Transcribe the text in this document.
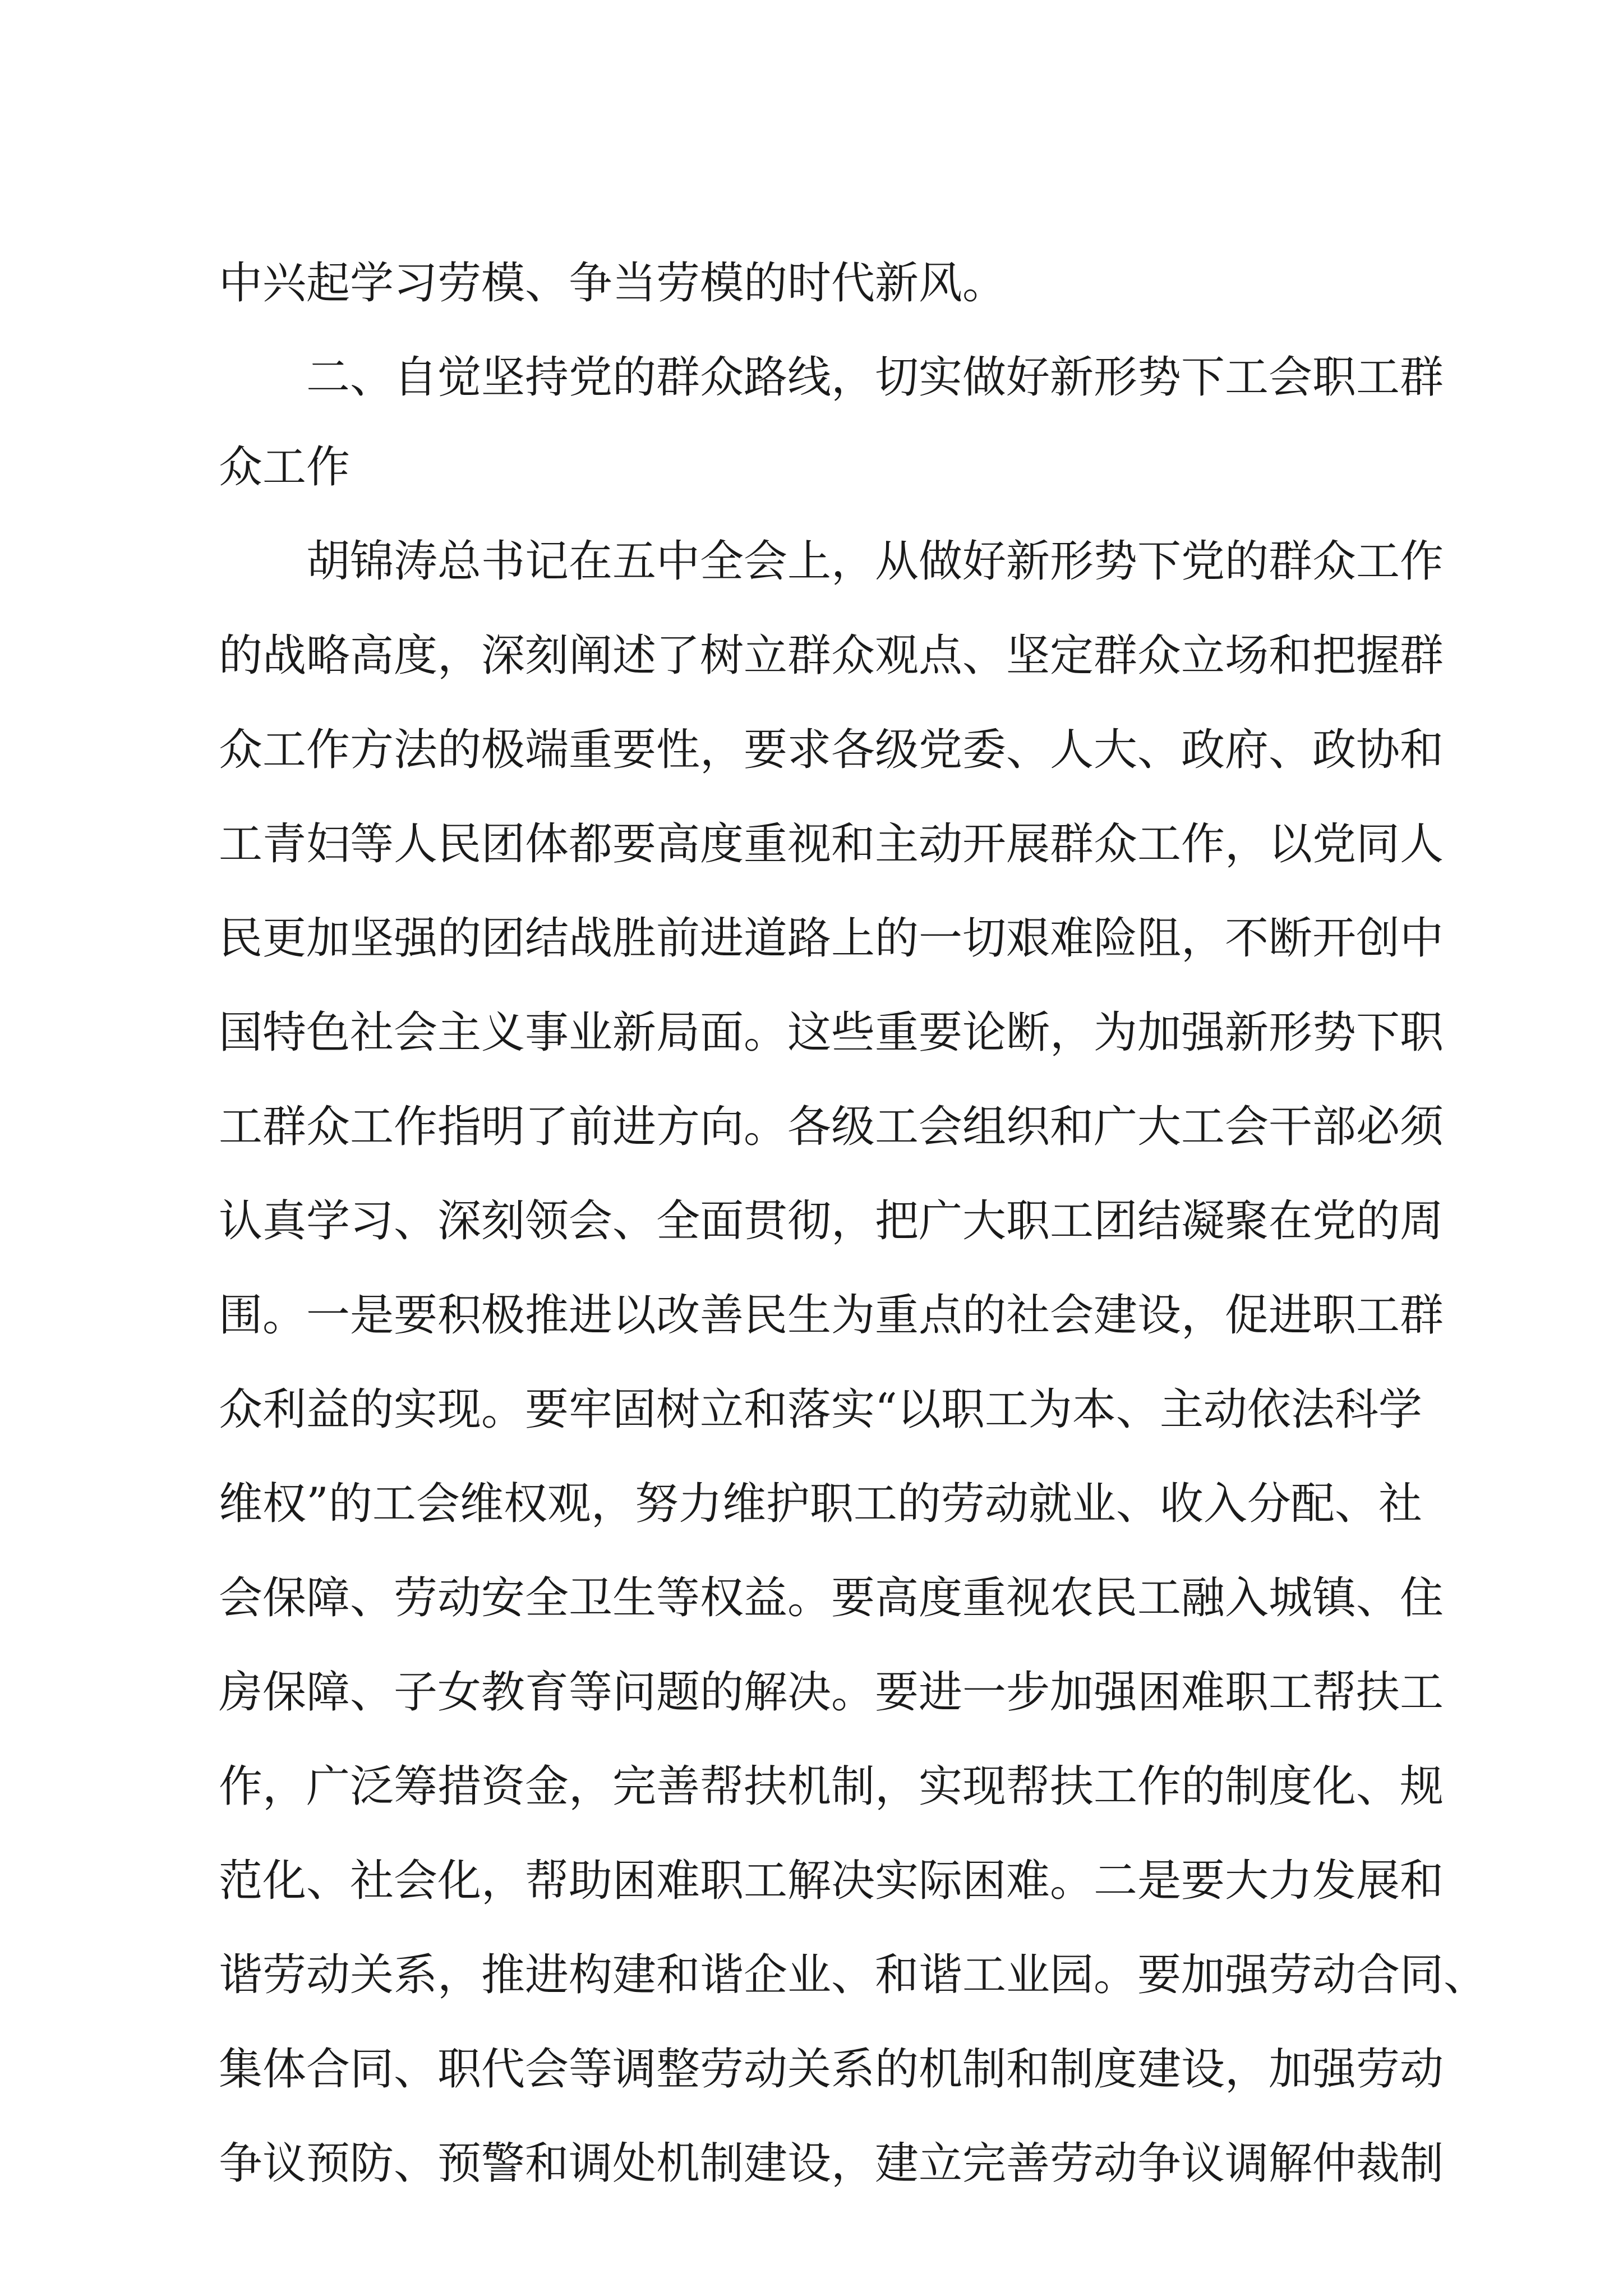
中兴起学习劳模、争当劳模的时代新风。
二、自觉坚持党的群众路线，切实做好新形势下工会职工群
众工作
胡锦涛总书记在五中全会上，从做好新形势下党的群众工作
的战略高度，深刻阐述了树立群众观点、坚定群众立场和把握群
众工作方法的极端重要性，要求各级党委、人大、政府、政协和
工青妇等人民团体都要高度重视和主动开展群众工作，以党同人
民更加坚强的团结战胜前进道路上的一切艰难险阻，不断开创中
国特色社会主义事业新局面。这些重要论断，为加强新形势下职
工群众工作指明了前进方向。各级工会组织和广大工会干部必须
认真学习、深刻领会、全面贯彻，把广大职工团结凝聚在党的周
围。一是要积极推进以改善民生为重点的社会建设，促进职工群
众利益的实现。要牢固树立和落实“以职工为本、主动依法科学
维权”的工会维权观，努力维护职工的劳动就业、收入分配、社
会保障、劳动安全卫生等权益。要高度重视农民工融入城镇、住
房保障、子女教育等问题的解决。要进一步加强困难职工帮扶工
作，广泛筹措资金，完善帮扶机制，实现帮扶工作的制度化、规
范化、社会化，帮助困难职工解决实际困难。二是要大力发展和
谐劳动关系，推进构建和谐企业、和谐工业园。要加强劳动合同、
集体合同、职代会等调整劳动关系的机制和制度建设，加强劳动
争议预防、预警和调处机制建设，建立完善劳动争议调解仲裁制
